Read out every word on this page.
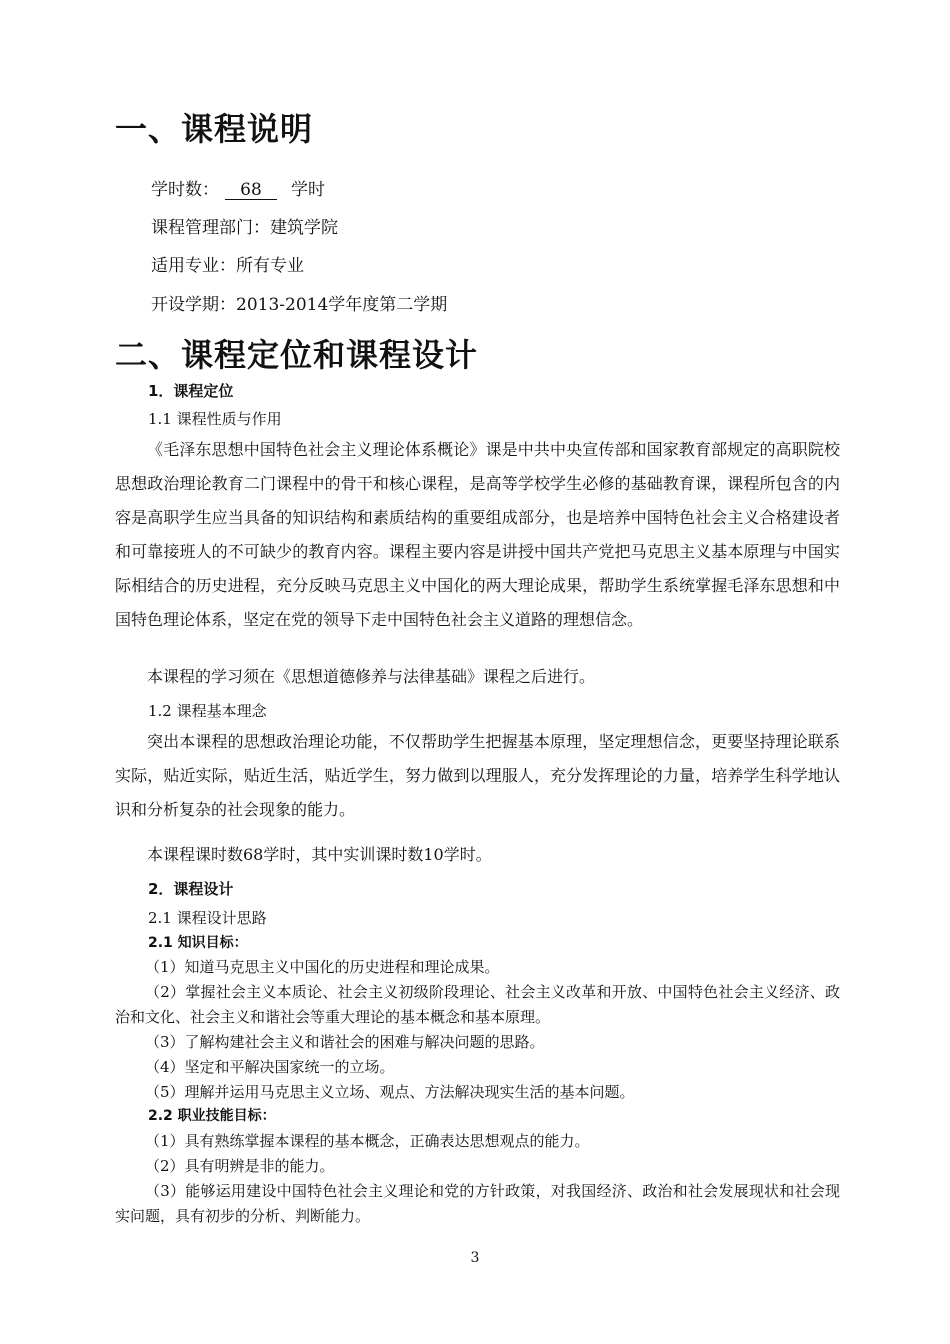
一、课程说明
学时数： 68 学时
课程管理部门：建筑学院
适用专业：所有专业
开设学期：2013-2014学年度第二学期
二、课程定位和课程设计
1．课程定位
1.1 课程性质与作用
《毛泽东思想中国特色社会主义理论体系概论》课是中共中央宣传部和国家教育部规定的高职院校思想政治理论教育二门课程中的骨干和核心课程，是高等学校学生必修的基础教育课，课程所包含的内容是高职学生应当具备的知识结构和素质结构的重要组成部分，也是培养中国特色社会主义合格建设者和可靠接班人的不可缺少的教育内容。课程主要内容是讲授中国共产党把马克思主义基本原理与中国实际相结合的历史进程，充分反映马克思主义中国化的两大理论成果，帮助学生系统掌握毛泽东思想和中国特色理论体系，坚定在党的领导下走中国特色社会主义道路的理想信念。
本课程的学习须在《思想道德修养与法律基础》课程之后进行。
1.2 课程基本理念
突出本课程的思想政治理论功能，不仅帮助学生把握基本原理，坚定理想信念，更要坚持理论联系实际，贴近实际，贴近生活，贴近学生，努力做到以理服人，充分发挥理论的力量，培养学生科学地认识和分析复杂的社会现象的能力。
本课程课时数68学时，其中实训课时数10学时。
2．课程设计
2.1 课程设计思路
2.1 知识目标：
（1）知道马克思主义中国化的历史进程和理论成果。
（2）掌握社会主义本质论、社会主义初级阶段理论、社会主义改革和开放、中国特色社会主义经济、政治和文化、社会主义和谐社会等重大理论的基本概念和基本原理。
（3）了解构建社会主义和谐社会的困难与解决问题的思路。
（4）坚定和平解决国家统一的立场。
（5）理解并运用马克思主义立场、观点、方法解决现实生活的基本问题。
2.2 职业技能目标：
（1）具有熟练掌握本课程的基本概念，正确表达思想观点的能力。
（2）具有明辨是非的能力。
（3）能够运用建设中国特色社会主义理论和党的方针政策，对我国经济、政治和社会发展现状和社会现实问题，具有初步的分析、判断能力。
3
